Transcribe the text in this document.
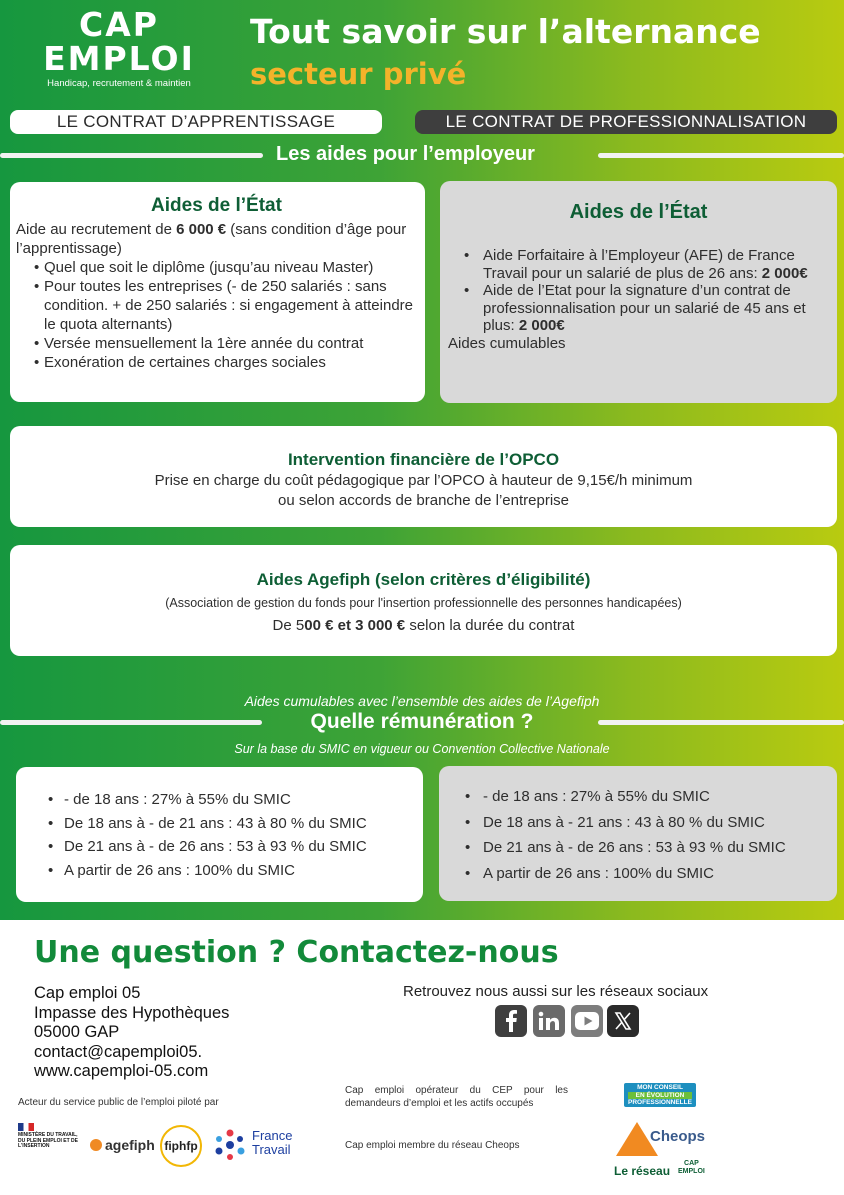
CAP
EMPLOI
Handicap, recrutement & maintien
Tout savoir sur l’alternance
secteur privé
LE CONTRAT D’APPRENTISSAGE	LE CONTRAT DE PROFESSIONNALISATION
Les aides pour l’employeur
Aides de l’État

Aide au recrutement de 6 000 € (sans condition d’âge pour l’apprentissage)

• Quel que soit le diplôme (jusqu’au niveau Master)
• Pour toutes les entreprises (- de 250 salariés : sans condition. + de 250 salariés : si engagement à atteindre le quota alternants)
• Versée mensuellement la 1ère année du contrat
• Exonération de certaines charges sociales
Aides de l’État
• Aide Forfaitaire à l’Employeur (AFE) de France Travail pour un salarié de plus de 26 ans: 2 000€
• Aide de l’Etat pour la signature d’un contrat de professionnalisation pour un salarié de 45 ans et plus: 2 000€

Aides cumulables

Intervention financière de l’OPCO

Prise en charge du coût pédagogique par l’OPCO à hauteur de 9,15€/h minimum

ou selon accords de branche de l’entreprise

Aides Agefiph (selon critères d’éligibilité)

(Association de gestion du fonds pour l'insertion professionnelle des personnes handicapées)

De 500 € et 3 000 € selon la durée du contrat

Aides cumulables avec l’ensemble des aides de l’Agefiph
Quelle rémunération ?
Sur la base du SMIC en vigueur ou Convention Collective Nationale
• - de 18 ans : 27% à 55% du SMIC
• De 18 ans à - de 21 ans : 43 à 80 % du SMIC
• De 21 ans à - de 26 ans : 53 à 93 % du SMIC
• A partir de 26 ans : 100% du SMIC
• - de 18 ans : 27% à 55% du SMIC
• De 18 ans à - 21 ans : 43 à 80 % du SMIC
• De 21 ans à - de 26 ans : 53 à 93 % du SMIC
• A partir de 26 ans : 100% du SMIC
Une question ? Contactez-nous
Cap emploi 05
Impasse des Hypothèques
05000 GAP
contact@capemploi05.
www.capemploi-05.com
Retrouvez nous aussi sur les réseaux sociaux
Acteur du service public de l’emploi piloté par
Cap emploi opérateur du CEP pour les demandeurs d’emploi et les actifs occupés
Cap emploi membre du réseau Cheops
MON CONSEIL
EN ÉVOLUTION
PROFESSIONNELLE
MINISTÈRE DU TRAVAIL, DU PLEIN EMPLOI ET DE L'INSERTION	agefiph fiphfp
France
Travail
Cheops
Le réseau
CAP
EMPLOI
